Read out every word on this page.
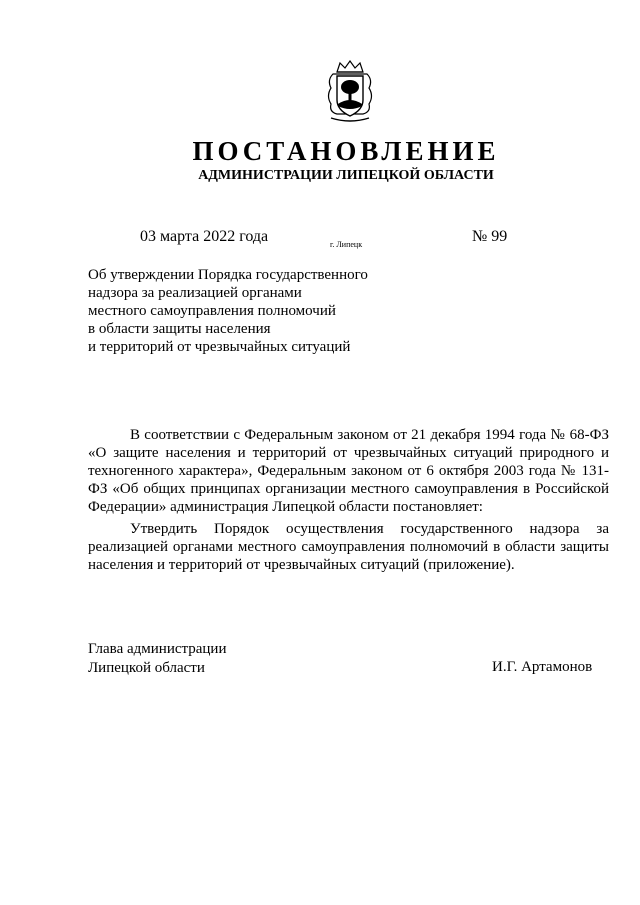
ПОСТАНОВЛЕНИЕ
АДМИНИСТРАЦИИ ЛИПЕЦКОЙ ОБЛАСТИ
03 марта 2022 года	г. Липецк	№ 99
Об утверждении Порядка государственного
надзора за реализацией органами
местного самоуправления полномочий
в области защиты населения
и территорий от чрезвычайных ситуаций

В соответствии с Федеральным законом от 21 декабря 1994 года № 68-ФЗ «О защите населения и территорий от чрезвычайных ситуаций природного и техногенного характера», Федеральным законом от 6 октября 2003 года № 131-ФЗ «Об общих принципах организации местного самоуправления в Российской Федерации» администрация Липецкой области постановляет:

Утвердить Порядок осуществления государственного надзора за реализацией органами местного самоуправления полномочий в области защиты населения и территорий от чрезвычайных ситуаций (приложение).

Глава администрации
Липецкой области	И.Г. Артамонов
